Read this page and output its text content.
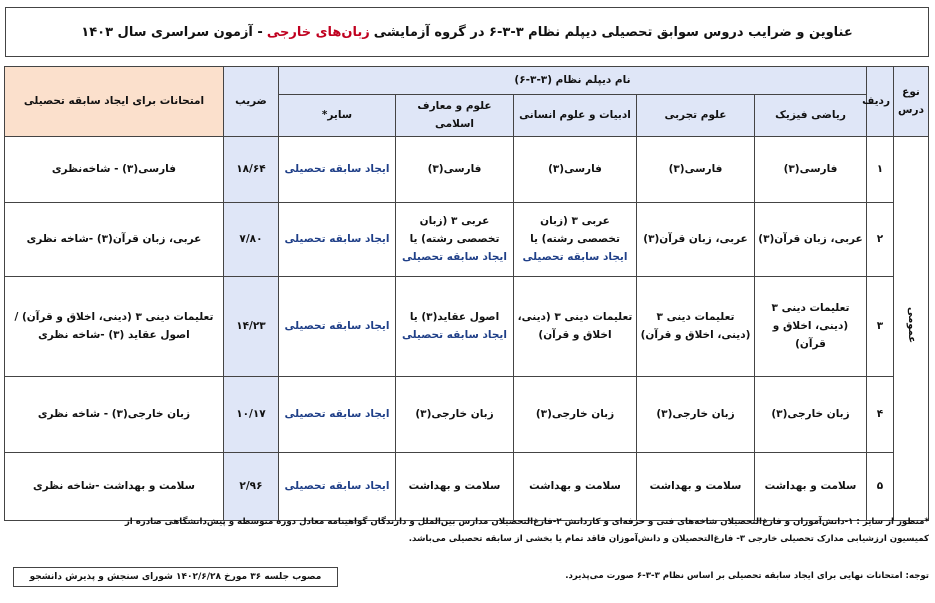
عناوین و ضرایب دروس سوابق تحصیلی دیپلم نظام ۳-۳-۶ در گروه آزمایشی
زبان‌های خارجی
- آزمون سراسری سال ۱۴۰۳
نوع درس	ردیف	نام دیپلم نظام (۳-۳-۶)					ضریب	امتحانات برای ایجاد سابقه تحصیلی
		ریاضی فیزیک	علوم تجربی	ادبیات و علوم انسانی	علوم و معارف اسلامی	سایر*		
عمومی	۱	فارسی(۳)	فارسی(۳)	فارسی(۳)	فارسی(۳)	ایجاد سابقه تحصیلی	۱۸/۶۴	فارسی(۳) - شاخه‌نظری
	۲	عربی، زبان قرآن(۳)	عربی، زبان قرآن(۳)	عربی ۳ (زبان تخصصی رشته) یا ایجاد سابقه تحصیلی	عربی ۳ (زبان تخصصی رشته) یا ایجاد سابقه تحصیلی	ایجاد سابقه تحصیلی	۷/۸۰	عربی، زبان قرآن(۳) -شاخه نظری
	۳	تعلیمات دینی ۳ (دینی، اخلاق و قرآن)	تعلیمات دینی ۳ (دینی، اخلاق و قرآن)	تعلیمات دینی ۳ (دینی، اخلاق و قرآن)	اصول عقاید(۳) یا ایجاد سابقه تحصیلی	ایجاد سابقه تحصیلی	۱۴/۲۳	تعلیمات دینی ۳ (دینی، اخلاق و قرآن) / اصول عقاید (۳) -شاخه نظری
	۴	زبان خارجی(۳)	زبان خارجی(۳)	زبان خارجی(۳)	زبان خارجی(۳)	ایجاد سابقه تحصیلی	۱۰/۱۷	زبان خارجی(۳) - شاخه نظری
	۵	سلامت و بهداشت	سلامت و بهداشت	سلامت و بهداشت	سلامت و بهداشت	ایجاد سابقه تحصیلی	۲/۹۶	سلامت و بهداشت -شاخه نظری
*منظور از سایر : ۱-دانش‌آموزان و فارغ‌التحصیلان شاخه‌های فنی و حرفه‌ای و کاردانش ۲-فارغ‌التحصیلان مدارس بین‌الملل و دارندگان گواهینامه معادل دوره متوسطه و پیش‌دانشگاهی صادره از
کمیسیون ارزشیابی مدارک تحصیلی خارجی ۳- فارغ‌التحصیلان و دانش‌آموزان فاقد تمام یا بخشی از سابقه تحصیلی می‌باشد.
توجه: امتحانات نهایی برای ایجاد سابقه تحصیلی بر اساس نظام ۳-۳-۶ صورت می‌پذیرد.
مصوب جلسه ۳۶ مورخ ۱۴۰۲/۶/۲۸ شورای سنجش و پذیرش دانشجو
